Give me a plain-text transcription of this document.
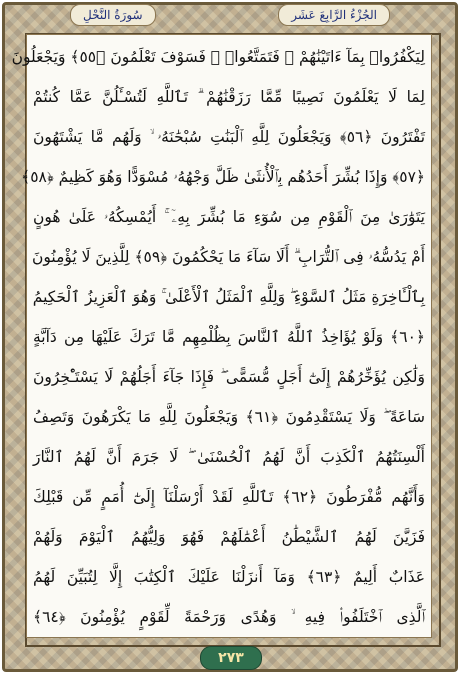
الجُزْءُ الرَّابِعَ عَشَر
سُورَةُ النَّحْلِ
لِيَكْفُرُوا۟ بِمَآ ءَاتَيْنَٰهُمْ ۚ فَتَمَتَّعُوا۟ ۖ فَسَوْفَ تَعْلَمُونَ ﴿٥٥﴾ وَيَجْعَلُونَ
لِمَا لَا يَعْلَمُونَ نَصِيبًا مِّمَّا رَزَقْنَٰهُمْ ۗ تَٱللَّهِ لَتُسْـَٔلُنَّ عَمَّا كُنتُمْ
تَفْتَرُونَ ﴿٥٦﴾ وَيَجْعَلُونَ لِلَّهِ ٱلْبَنَٰتِ سُبْحَٰنَهُۥ ۙ وَلَهُم مَّا يَشْتَهُونَ
﴿٥٧﴾ وَإِذَا بُشِّرَ أَحَدُهُم بِٱلْأُنثَىٰ ظَلَّ وَجْهُهُۥ مُسْوَدًّا وَهُوَ كَظِيمٌ ﴿٥٨﴾
يَتَوَٰرَىٰ مِنَ ٱلْقَوْمِ مِن سُوٓءِ مَا بُشِّرَ بِهِۦٓ ۚ أَيُمْسِكُهُۥ عَلَىٰ هُونٍ
أَمْ يَدُسُّهُۥ فِى ٱلتُّرَابِ ۗ أَلَا سَآءَ مَا يَحْكُمُونَ ﴿٥٩﴾ لِلَّذِينَ لَا يُؤْمِنُونَ
بِٱلْـَٔاخِرَةِ مَثَلُ ٱلسَّوْءِ ۖ وَلِلَّهِ ٱلْمَثَلُ ٱلْأَعْلَىٰ ۚ وَهُوَ ٱلْعَزِيزُ ٱلْحَكِيمُ
﴿٦٠﴾ وَلَوْ يُؤَاخِذُ ٱللَّهُ ٱلنَّاسَ بِظُلْمِهِم مَّا تَرَكَ عَلَيْهَا مِن دَآبَّةٍ
وَلَٰكِن يُؤَخِّرُهُمْ إِلَىٰٓ أَجَلٍ مُّسَمًّى ۖ فَإِذَا جَآءَ أَجَلُهُمْ لَا يَسْتَـْٔخِرُونَ
سَاعَةً ۖ وَلَا يَسْتَقْدِمُونَ ﴿٦١﴾ وَيَجْعَلُونَ لِلَّهِ مَا يَكْرَهُونَ وَتَصِفُ
أَلْسِنَتُهُمُ ٱلْكَذِبَ أَنَّ لَهُمُ ٱلْحُسْنَىٰ ۖ لَا جَرَمَ أَنَّ لَهُمُ ٱلنَّارَ
وَأَنَّهُم مُّفْرَطُونَ ﴿٦٢﴾ تَٱللَّهِ لَقَدْ أَرْسَلْنَآ إِلَىٰٓ أُمَمٍ مِّن قَبْلِكَ
فَزَيَّنَ لَهُمُ ٱلشَّيْطَٰنُ أَعْمَٰلَهُمْ فَهُوَ وَلِيُّهُمُ ٱلْيَوْمَ وَلَهُمْ
عَذَابٌ أَلِيمٌ ﴿٦٣﴾ وَمَآ أَنزَلْنَا عَلَيْكَ ٱلْكِتَٰبَ إِلَّا لِتُبَيِّنَ لَهُمُ
ٱلَّذِى ٱخْتَلَفُوا۟ فِيهِ ۙ وَهُدًى وَرَحْمَةً لِّقَوْمٍ يُؤْمِنُونَ ﴿٦٤﴾
٢٧٣
